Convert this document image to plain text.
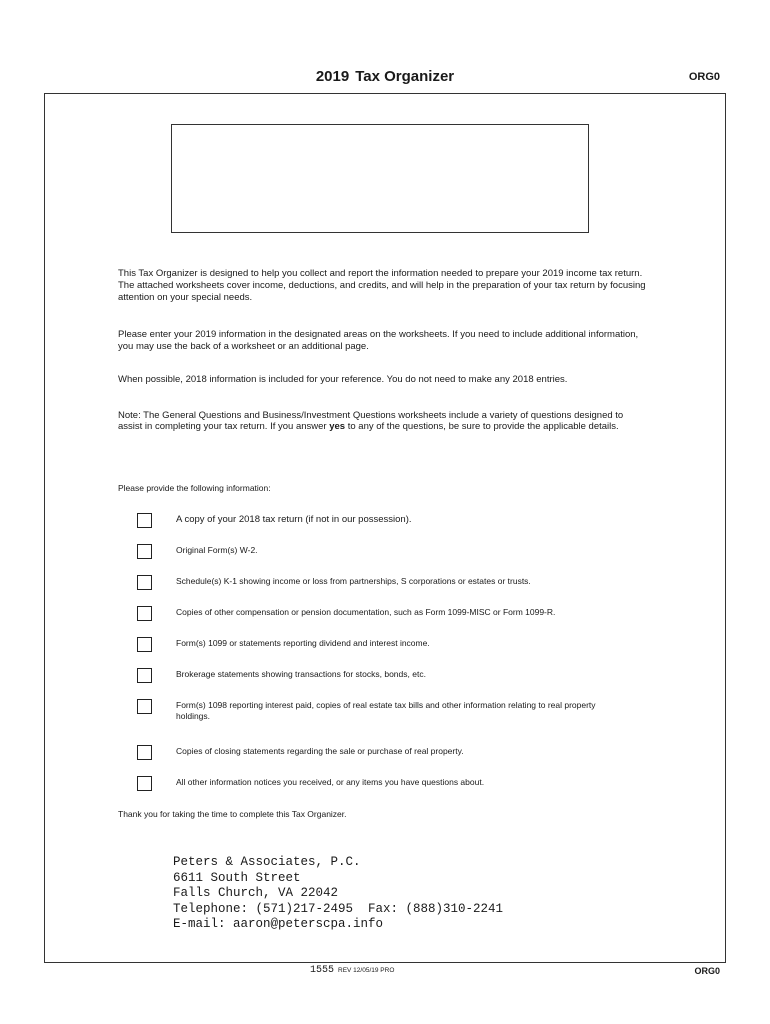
2019 Tax Organizer	ORG0
This Tax Organizer is designed to help you collect and report the information needed to prepare your 2019 income tax return. The attached worksheets cover income, deductions, and credits, and will help in the preparation of your tax return by focusing attention on your special needs.
Please enter your 2019 information in the designated areas on the worksheets. If you need to include additional information, you may use the back of a worksheet or an additional page.
When possible, 2018 information is included for your reference. You do not need to make any 2018 entries.
Note: The General Questions and Business/Investment Questions worksheets include a variety of questions designed to assist in completing your tax return. If you answer yes to any of the questions, be sure to provide the applicable details.
Please provide the following information:
A copy of your 2018 tax return (if not in our possession).
Original Form(s) W-2.
Schedule(s) K-1 showing income or loss from partnerships, S corporations or estates or trusts.
Copies of other compensation or pension documentation, such as Form 1099-MISC or Form 1099-R.
Form(s) 1099 or statements reporting dividend and interest income.
Brokerage statements showing transactions for stocks, bonds, etc.
Form(s) 1098 reporting interest paid, copies of real estate tax bills and other information relating to real property holdings.
Copies of closing statements regarding the sale or purchase of real property.
All other information notices you received, or any items you have questions about.
Thank you for taking the time to complete this Tax Organizer.
Peters & Associates, P.C.
6611 South Street
Falls Church, VA 22042
Telephone: (571)217-2495  Fax: (888)310-2241
E-mail: aaron@peterscpa.info
1555 REV 12/05/19 PRO	ORG0
